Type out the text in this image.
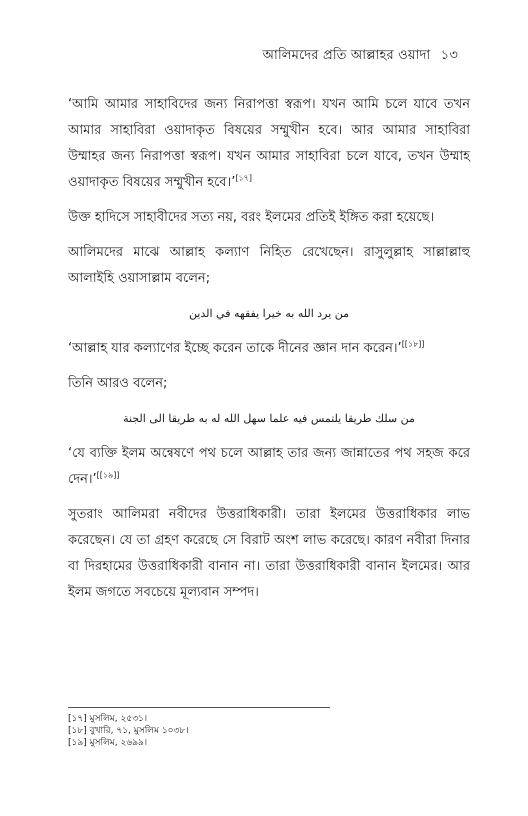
আলিমদের প্রতি আল্লাহর ওয়াদা ১৩

‘আমি আমার সাহাবিদের জন্য নিরাপত্তা স্বরূপ। যখন আমি চলে যাবে তখন আমার সাহাবিরা ওয়াদাকৃত বিষয়ের সম্মুখীন হবে। আর আমার সাহাবিরা উম্মাহর জন্য নিরাপত্তা স্বরূপ। যখন আমার সাহাবিরা চলে যাবে, তখন উম্মাহ ওয়াদাকৃত বিষয়ের সম্মুখীন হবে।’[১৭]

উক্ত হাদিসে সাহাবীদের সত্য নয়, বরং ইলমের প্রতিই ইঙ্গিত করা হয়েছে।

আলিমদের মাঝে আল্লাহ কল্যাণ নিহিত রেখেছেন। রাসুলুল্লাহ সাল্লাল্লাহু আলাইহি ওয়াসাল্লাম বলেন;

من يرد الله به خيرا يفقهه في الدين

‘আল্লাহ যার কল্যাণের ইচ্ছে করেন তাকে দীনের জ্ঞান দান করেন।’[[১৮]]

তিনি আরও বলেন;

من سلك طريقا يلتمس فيه علما سهل الله له به طريقا الى الجنة

‘যে ব্যক্তি ইলম অন্বেষণে পথ চলে আল্লাহ তার জন্য জান্নাতের পথ সহজ করে দেন।’[[১৯]]

সুতরাং আলিমরা নবীদের উত্তরাধিকারী। তারা ইলমের উত্তরাধিকার লাভ করেছেন। যে তা গ্রহণ করেছে সে বিরাট অংশ লাভ করেছে। কারণ নবীরা দিনার বা দিরহামের উত্তরাধিকারী বানান না। তারা উত্তরাধিকারী বানান ইলমের। আর ইলম জগতে সবচেয়ে মূল্যবান সম্পদ।

[১৭] মুসলিম, ২৫৩১।

[১৮] বুখারি, ৭১, মুসলিম ১০৩৮।

[১৯] মুসলিম, ২৬৯৯।
